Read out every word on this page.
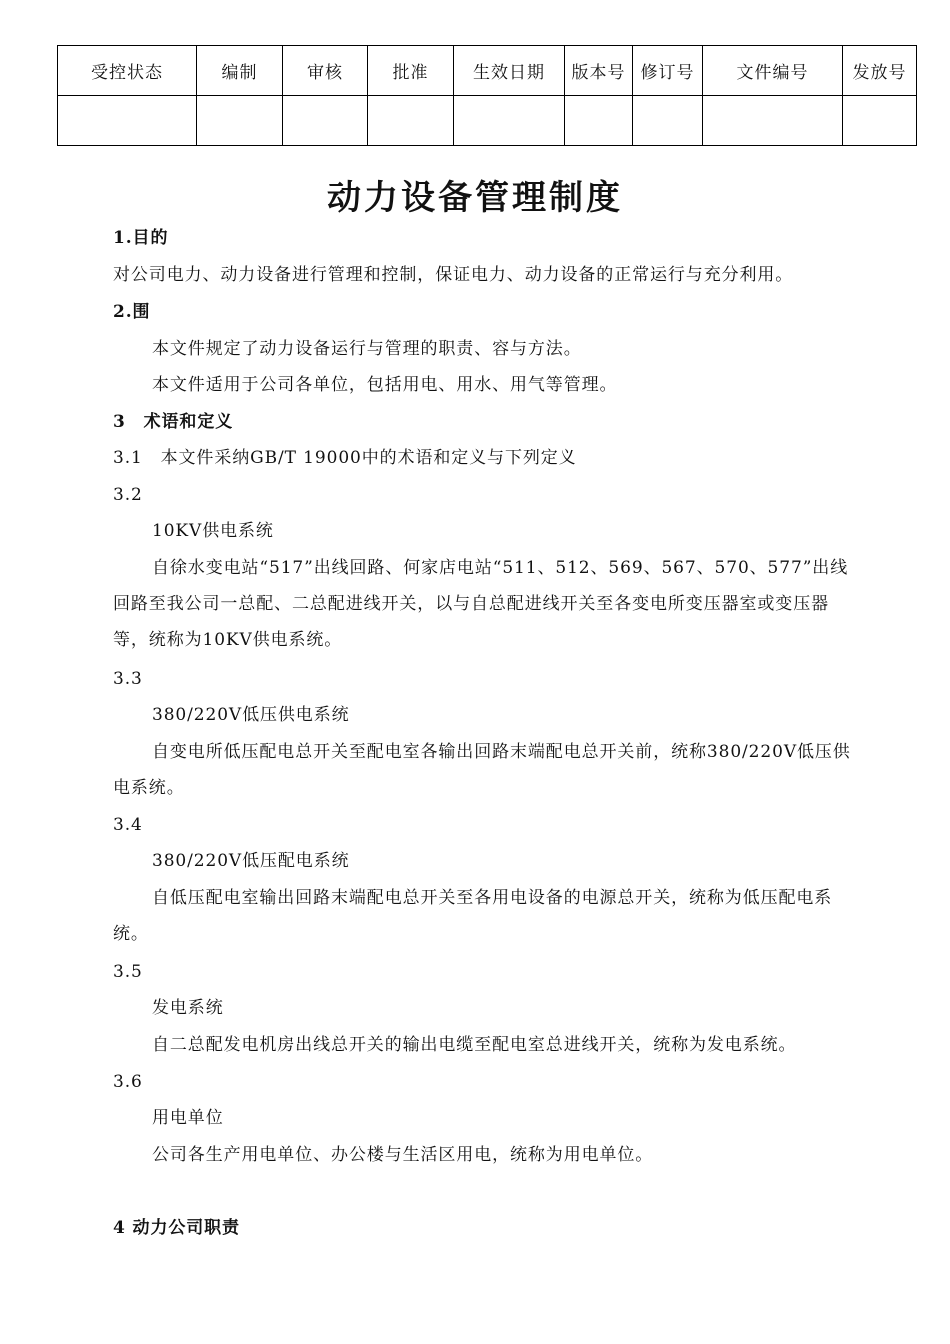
受控状态	编制	审核	批准	生效日期	版本号	修订号	文件编号	发放号

动力设备管理制度
1.目的
对公司电力、动力设备进行管理和控制，保证电力、动力设备的正常运行与充分利用。
2.围
本文件规定了动力设备运行与管理的职责、容与方法。
本文件适用于公司各单位，包括用电、用水、用气等管理。
3　术语和定义
3.1　本文件采纳GB/T 19000中的术语和定义与下列定义
3.2
10KV供电系统
自徐水变电站“517”出线回路、何家店电站“511、512、569、567、570、577”出线回路至我公司一总配、二总配进线开关，以与自总配进线开关至各变电所变压器室或变压器等，统称为10KV供电系统。
3.3
380/220V低压供电系统
自变电所低压配电总开关至配电室各输出回路末端配电总开关前，统称380/220V低压供电系统。
3.4
380/220V低压配电系统
自低压配电室输出回路末端配电总开关至各用电设备的电源总开关，统称为低压配电系统。
3.5
发电系统
自二总配发电机房出线总开关的输出电缆至配电室总进线开关，统称为发电系统。
3.6
用电单位
公司各生产用电单位、办公楼与生活区用电，统称为用电单位。
4 动力公司职责
